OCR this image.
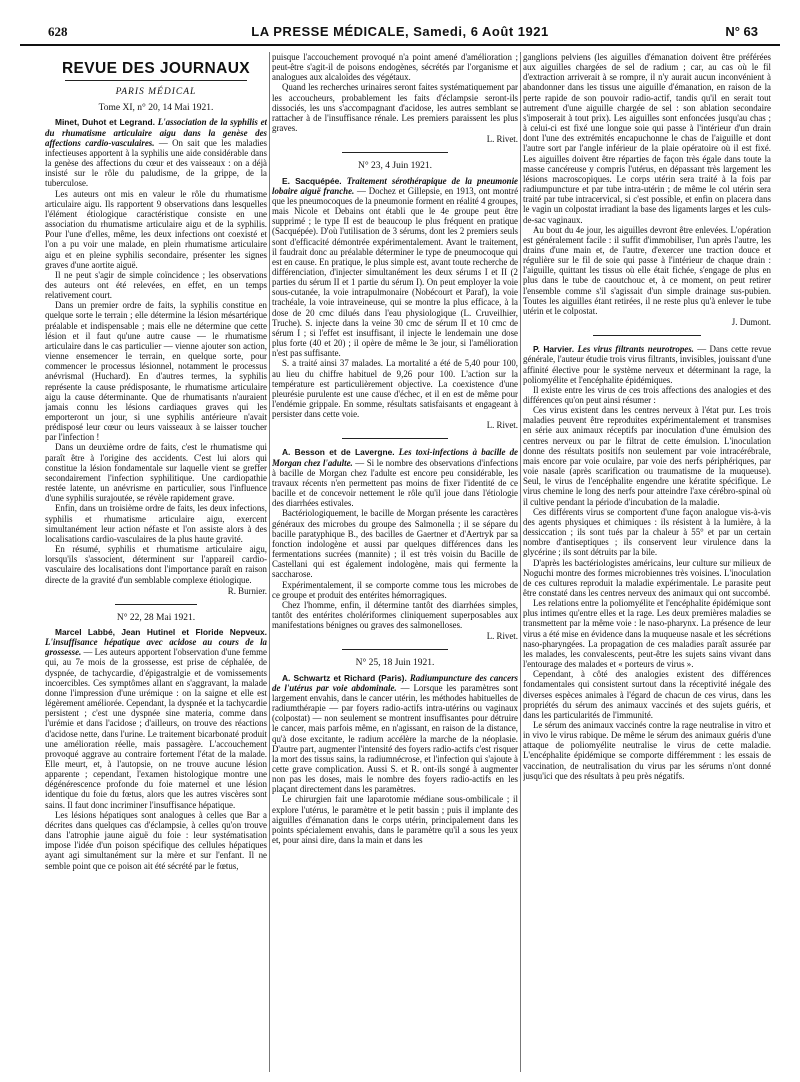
628	LA PRESSE MÉDICALE, Samedi, 6 Août 1921	N° 63
REVUE DES JOURNAUX
PARIS MÉDICAL
Tome XI, n° 20, 14 Mai 1921.

Minet, Duhot et Legrand. L'association de la syphilis et du rhumatisme articulaire aigu dans la genèse des affections cardio-vasculaires. — On sait que les maladies infectieuses apportent à la syphilis une aide considérable dans la genèse des affections du cœur et des vaisseaux : on a déjà insisté sur le rôle du paludisme, de la grippe, de la tuberculose.

Les auteurs ont mis en valeur le rôle du rhumatisme articulaire aigu. Ils rapportent 9 observations dans lesquelles l'élément étiologique caractéristique consiste en une association du rhumatisme articulaire aigu et de la syphilis. Pour l'une d'elles, même, les deux infections ont coexisté et l'on a pu voir une malade, en plein rhumatisme articulaire aigu et en pleine syphilis secondaire, présenter les signes graves d'une aortite aiguë.

Il ne peut s'agir de simple coïncidence ; les observations des auteurs ont été relevées, en effet, en un temps relativement court.

Dans un premier ordre de faits, la syphilis constitue en quelque sorte le terrain ; elle détermine la lésion mésartérique préalable et indispensable ; mais elle ne détermine que cette lésion et il faut qu'une autre cause — le rhumatisme articulaire dans le cas particulier — vienne ajouter son action, vienne ensemencer le terrain, en quelque sorte, pour commencer le processus lésionnel, notamment le processus anévrismal (Huchard). En d'autres termes, la syphilis représente la cause prédisposante, le rhumatisme articulaire aigu la cause déterminante. Que de rhumatisants n'auraient jamais connu les lésions cardiaques graves qui les emporteront un jour, si une syphilis antérieure n'avait prédisposé leur cœur ou leurs vaisseaux à se laisser toucher par l'infection !

Dans un deuxième ordre de faits, c'est le rhumatisme qui paraît être à l'origine des accidents. C'est lui alors qui constitue la lésion fondamentale sur laquelle vient se greffer secondairement l'infection syphilitique. Une cardiopathie restée latente, un anévrisme en particulier, sous l'influence d'une syphilis surajoutée, se révèle rapidement grave.

Enfin, dans un troisième ordre de faits, les deux infections, syphilis et rhumatisme articulaire aigu, exercent simultanément leur action néfaste et l'on assiste alors à des localisations cardio-vasculaires de la plus haute gravité.

En résumé, syphilis et rhumatisme articulaire aigu, lorsqu'ils s'associent, déterminent sur l'appareil cardio-vasculaire des localisations dont l'importance paraît en raison directe de la gravité d'un semblable complexe étiologique.

R. Burnier.

N° 22, 28 Mai 1921.

Marcel Labbé, Jean Hutinel et Floride Nepveux. L'insuffisance hépatique avec acidose au cours de la grossesse. — Les auteurs apportent l'observation d'une femme qui, au 7e mois de la grossesse, est prise de céphalée, de dyspnée, de tachycardie, d'épigastralgie et de vomissements incoercibles. Ces symptômes allant en s'aggravant, la malade donne l'impression d'une urémique : on la saigne et elle est légèrement améliorée. Cependant, la dyspnée et la tachycardie persistent ; c'est une dyspnée sine materia, comme dans l'urémie et dans l'acidose ; d'ailleurs, on trouve des réactions d'acidose nette, dans l'urine. Le traitement bicarbonaté produit une amélioration réelle, mais passagère. L'accouchement provoqué aggrave au contraire fortement l'état de la malade. Elle meurt, et, à l'autopsie, on ne trouve aucune lésion apparente ; cependant, l'examen histologique montre une dégénérescence profonde du foie maternel et une lésion identique du foie du fœtus, alors que les autres viscères sont sains. Il faut donc incriminer l'insuffisance hépatique.

Les lésions hépatiques sont analogues à celles que Bar a décrites dans quelques cas d'éclampsie, à celles qu'on trouve dans l'atrophie jaune aiguë du foie : leur systématisation impose l'idée d'un poison spécifique des cellules hépatiques ayant agi simultanément sur la mère et sur l'enfant. Il ne semble point que ce poison ait été sécrété par le fœtus,

puisque l'accouchement provoqué n'a point amené d'amélioration ; peut-être s'agit-il de poisons endogènes, sécrétés par l'organisme et analogues aux alcaloïdes des végétaux.

Quand les recherches urinaires seront faites systématiquement par les accoucheurs, probablement les faits d'éclampsie seront-ils dissociés, les uns s'accompagnant d'acidose, les autres semblant se rattacher à de l'insuffisance rénale. Les premiers paraissent les plus graves.

L. Rivet.

N° 23, 4 Juin 1921.

E. Sacquépée. Traitement sérothérapique de la pneumonie lobaire aiguë franche. — Dochez et Gillepsie, en 1913, ont montré que les pneumocoques de la pneumonie forment en réalité 4 groupes, mais Nicole et Debains ont établi que le 4e groupe peut être supprimé ; le type II est de beaucoup le plus fréquent en pratique (Sacquépée). D'où l'utilisation de 3 sérums, dont les 2 premiers seuls sont d'efficacité démontrée expérimentalement. Avant le traitement, il faudrait donc au préalable déterminer le type de pneumocoque qui est en cause. En pratique, le plus simple est, avant toute recherche de différenciation, d'injecter simultanément les deux sérums I et II (2 parties du sérum II et 1 partie du sérum I). On peut employer la voie sous-cutanée, la voie intrapulmonaire (Nobécourt et Paraf), la voie trachéale, la voie intraveineuse, qui se montre la plus efficace, à la dose de 20 cmc dilués dans l'eau physiologique (L. Cruveilhier, Truche). S. injecte dans la veine 30 cmc de sérum II et 10 cmc de sérum I ; si l'effet est insuffisant, il injecte le lendemain une dose plus forte (40 et 20) ; il opère de même le 3e jour, si l'amélioration n'est pas suffisante.

S. a traité ainsi 37 malades. La mortalité a été de 5,40 pour 100, au lieu du chiffre habituel de 9,26 pour 100. L'action sur la température est particulièrement objective. La coexistence d'une pleurésie purulente est une cause d'échec, et il en est de même pour l'endémie grippale. En somme, résultats satisfaisants et engageant à persister dans cette voie.

L. Rivet.

A. Besson et de Lavergne. Les toxi-infections à bacille de Morgan chez l'adulte. — Si le nombre des observations d'infections à bacille de Morgan chez l'adulte est encore peu considérable, les travaux récents n'en permettent pas moins de fixer l'identité de ce bacille et de concevoir nettement le rôle qu'il joue dans l'étiologie des diarrhées estivales.

Bactériologiquement, le bacille de Morgan présente les caractères généraux des microbes du groupe des Salmonella ; il se sépare du bacille paratyphique B., des bacilles de Gaertner et d'Aertryk par sa fonction indologène et aussi par quelques différences dans les fermentations sucrées (mannite) ; il est très voisin du Bacille de Castellani qui est également indologène, mais qui fermente la saccharose.

Expérimentalement, il se comporte comme tous les microbes de ce groupe et produit des entérites hémorragiques.

Chez l'homme, enfin, il détermine tantôt des diarrhées simples, tantôt des entérites cholériformes cliniquement superposables aux manifestations bénignes ou graves des salmonelloses.

L. Rivet.

N° 25, 18 Juin 1921.

A. Schwartz et Richard (Paris). Radiumpuncture des cancers de l'utérus par voie abdominale. — Lorsque les paramètres sont largement envahis, dans le cancer utérin, les méthodes habituelles de radiumthérapie — par foyers radio-actifs intra-utérins ou vaginaux (colpostat) — non seulement se montrent insuffisantes pour détruire le cancer, mais parfois même, en n'agissant, en raison de la distance, qu'à dose excitante, le radium accélère la marche de la néoplasie. D'autre part, augmenter l'intensité des foyers radio-actifs c'est risquer la mort des tissus sains, la radiumnécrose, et l'infection qui s'ajoute à cette grave complication. Aussi S. et R. ont-ils songé à augmenter non pas les doses, mais le nombre des foyers radio-actifs en les plaçant directement dans les paramètres.

Le chirurgien fait une laparotomie médiane sous-ombilicale ; il explore l'utérus, le paramètre et le petit bassin ; puis il implante des aiguilles d'émanation dans le corps utérin, principalement dans les points spécialement envahis, dans le paramètre qu'il a sous les yeux et, pour ainsi dire, dans la main et dans les

ganglions pelviens (les aiguilles d'émanation doivent être préférées aux aiguilles chargées de sel de radium ; car, au cas où le fil d'extraction arriverait à se rompre, il n'y aurait aucun inconvénient à abandonner dans les tissus une aiguille d'émanation, en raison de la perte rapide de son pouvoir radio-actif, tandis qu'il en serait tout autrement d'une aiguille chargée de sel : son ablation secondaire s'imposerait à tout prix). Les aiguilles sont enfoncées jusqu'au chas ; à celui-ci est fixé une longue soie qui passe à l'intérieur d'un drain dont l'une des extrémités encapuchonne le chas de l'aiguille et dont l'autre sort par l'angle inférieur de la plaie opératoire où il est fixé. Les aiguilles doivent être réparties de façon très égale dans toute la masse cancéreuse y compris l'utérus, en dépassant très largement les lésions macroscopiques. Le corps utérin sera traité à la fois par radiumpuncture et par tube intra-utérin ; de même le col utérin sera traité par tube intracervical, si c'est possible, et enfin on placera dans le vagin un colpostat irradiant la base des ligaments larges et les culs-de-sac vaginaux.

Au bout du 4e jour, les aiguilles devront être enlevées. L'opération est généralement facile : il suffit d'immobiliser, l'un après l'autre, les drains d'une main et, de l'autre, d'exercer une traction douce et régulière sur le fil de soie qui passe à l'intérieur de chaque drain : l'aiguille, quittant les tissus où elle était fichée, s'engage de plus en plus dans le tube de caoutchouc et, à ce moment, on peut retirer l'ensemble comme s'il s'agissait d'un simple drainage sus-pubien. Toutes les aiguilles étant retirées, il ne reste plus qu'à enlever le tube utérin et le colpostat.

J. Dumont.

P. Harvier. Les virus filtrants neurotropes. — Dans cette revue générale, l'auteur étudie trois virus filtrants, invisibles, jouissant d'une affinité élective pour le système nerveux et déterminant la rage, la poliomyélite et l'encéphalite épidémiques.

Il existe entre les virus de ces trois affections des analogies et des différences qu'on peut ainsi résumer :

Ces virus existent dans les centres nerveux à l'état pur. Les trois maladies peuvent être reproduites expérimentalement et transmises en série aux animaux réceptifs par inoculation d'une émulsion des centres nerveux ou par le filtrat de cette émulsion. L'inoculation donne des résultats positifs non seulement par voie intracérébrale, mais encore par voie oculaire, par voie des nerfs périphériques, par voie nasale (après scarification ou traumatisme de la muqueuse). Seul, le virus de l'encéphalite engendre une kératite spécifique. Le virus chemine le long des nerfs pour atteindre l'axe cérébro-spinal où il cultive pendant la période d'incubation de la maladie.

Ces différents virus se comportent d'une façon analogue vis-à-vis des agents physiques et chimiques : ils résistent à la lumière, à la dessiccation ; ils sont tués par la chaleur à 55° et par un certain nombre d'antiseptiques ; ils conservent leur virulence dans la glycérine ; ils sont détruits par la bile.

D'après les bactériologistes américains, leur culture sur milieux de Noguchi montre des formes microbiennes très voisines. L'inoculation de ces cultures reproduit la maladie expérimentale. Le parasite peut être constaté dans les centres nerveux des animaux qui ont succombé.

Les relations entre la poliomyélite et l'encéphalite épidémique sont plus intimes qu'entre elles et la rage. Les deux premières maladies se transmettent par la même voie : le naso-pharynx. La présence de leur virus a été mise en évidence dans la muqueuse nasale et les sécrétions naso-pharyngées. La propagation de ces maladies paraît assurée par les malades, les convalescents, peut-être les sujets sains vivant dans l'entourage des malades et « porteurs de virus ».

Cependant, à côté des analogies existent des différences fondamentales qui consistent surtout dans la réceptivité inégale des diverses espèces animales à l'égard de chacun de ces virus, dans les propriétés du sérum des animaux vaccinés et des sujets guéris, et dans les particularités de l'immunité.

Le sérum des animaux vaccinés contre la rage neutralise in vitro et in vivo le virus rabique. De même le sérum des animaux guéris d'une attaque de poliomyélite neutralise le virus de cette maladie. L'encéphalite épidémique se comporte différemment : les essais de vaccination, de neutralisation du virus par les sérums n'ont donné jusqu'ici que des résultats à peu près négatifs.
